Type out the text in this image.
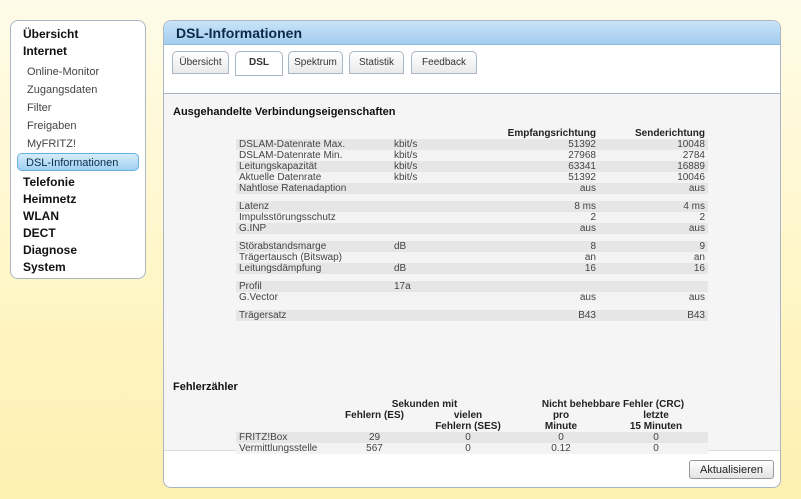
Übersicht
Internet
Online-Monitor
Zugangsdaten
Filter
Freigaben
MyFRITZ!
DSL-Informationen
Telefonie
Heimnetz
WLAN
DECT
Diagnose
System
DSL-Informationen
Übersicht	DSL	Spektrum	Statistik	Feedback
Ausgehandelte Verbindungseigenschaften
		Empfangsrichtung	Senderichtung
DSLAM-Datenrate Max.	kbit/s	51392	10048
DSLAM-Datenrate Min.	kbit/s	27968	2784
Leitungskapazität	kbit/s	63341	16889
Aktuelle Datenrate	kbit/s	51392	10046
Nahtlose Ratenadaption		aus	aus

Latenz		8 ms	4 ms
Impulsstörungsschutz		2	2
G.INP		aus	aus

Störabstandsmarge	dB	8	9
Trägertausch (Bitswap)		an	an
Leitungsdämpfung	dB	16	16

Profil	17a		
G.Vector		aus	aus

Trägersatz		B43	B43
Fehlerzähler
	Sekunden mit		Nicht behebbare Fehler (CRC)	
	Fehlern (ES)	vielen	pro	letzte
		Fehlern (SES)	Minute	15 Minuten
FRITZ!Box	29	0	0	0
Vermittlungsstelle	567	0	0.12	0
Aktualisieren
